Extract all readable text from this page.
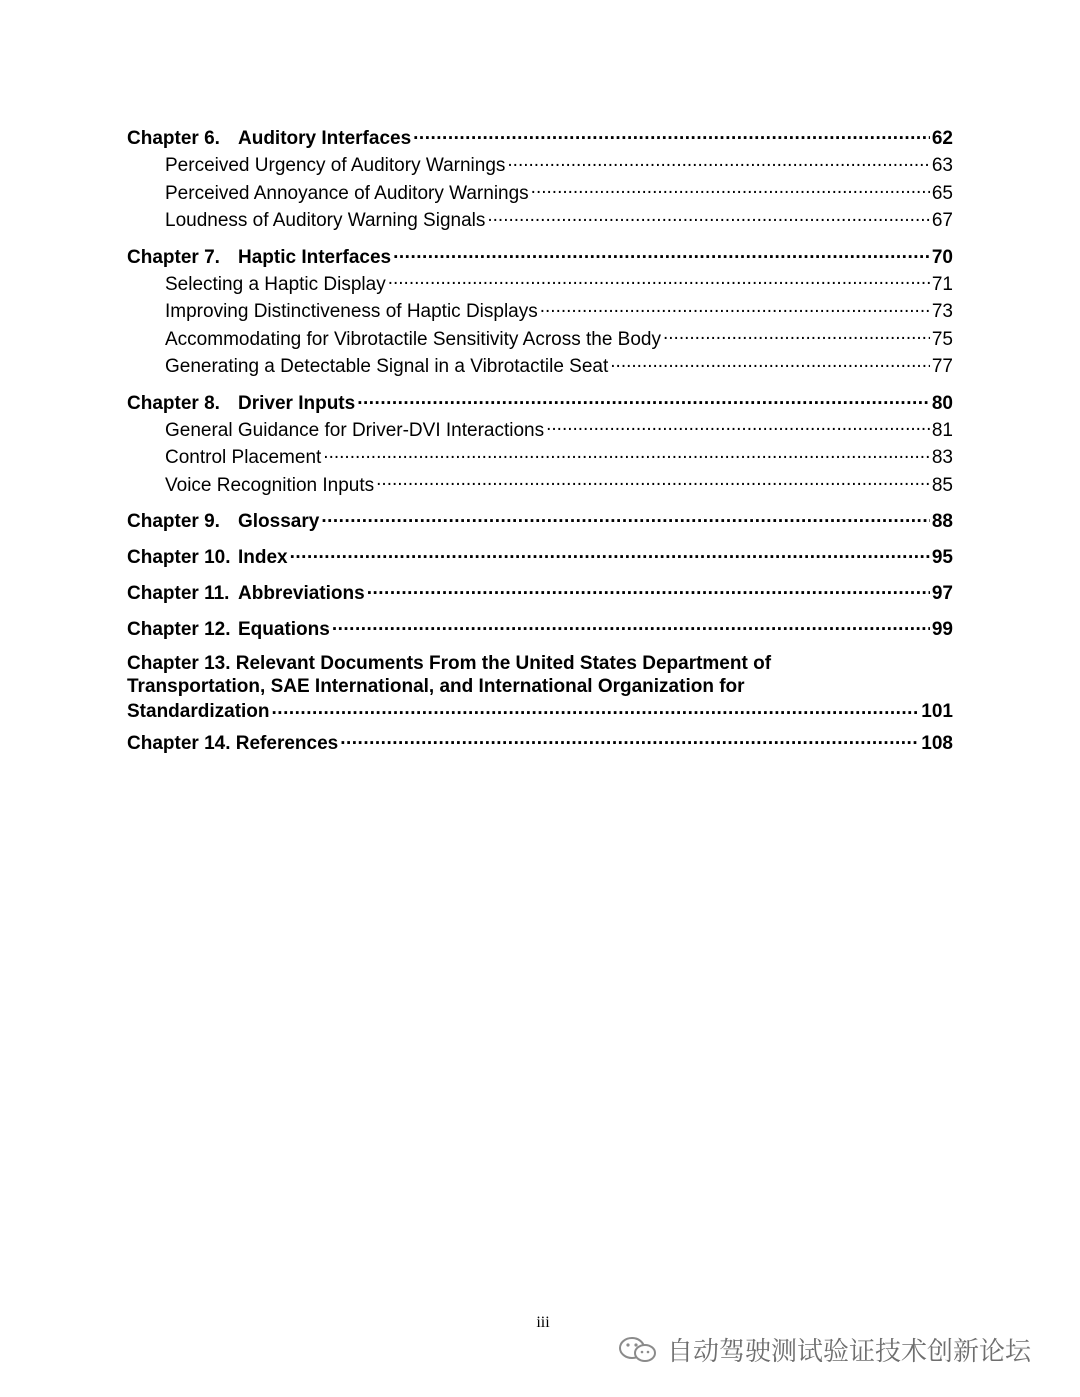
Chapter 6. Auditory Interfaces .....	62
Perceived Urgency of Auditory Warnings .....	63
Perceived Annoyance of Auditory Warnings .....	65
Loudness of Auditory Warning Signals .....	67
Chapter 7. Haptic Interfaces .....	70
Selecting a Haptic Display .....	71
Improving Distinctiveness of Haptic Displays .....	73
Accommodating for Vibrotactile Sensitivity Across the Body .....	75
Generating a Detectable Signal in a Vibrotactile Seat .....	77
Chapter 8. Driver Inputs .....	80
General Guidance for Driver-DVI Interactions .....	81
Control Placement .....	83
Voice Recognition Inputs .....	85
Chapter 9. Glossary .....	88
Chapter 10. Index .....	95
Chapter 11. Abbreviations .....	97
Chapter 12. Equations .....	99
Chapter 13. Relevant Documents From the United States Department of
Transportation, SAE International, and International Organization for
Standardization .....	101
Chapter 14. References .....	108
iii
自动驾驶测试验证技术创新论坛
